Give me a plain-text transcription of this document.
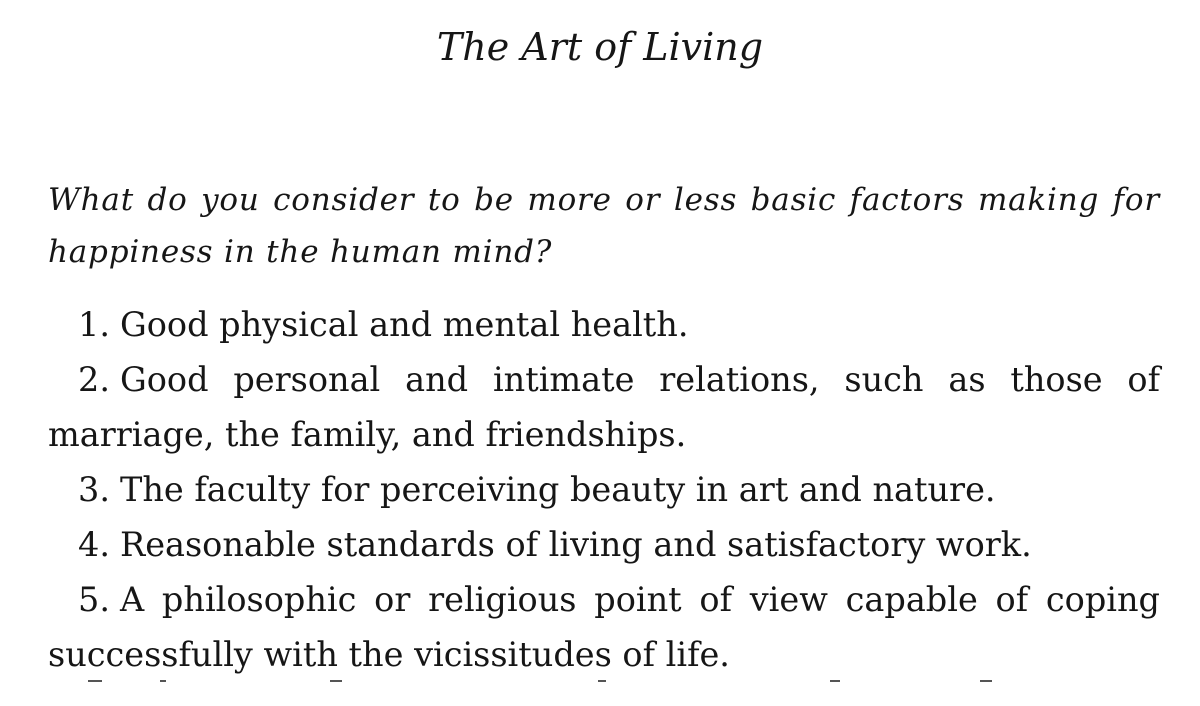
The Art of Living

What do you consider to be more or less basic factors making for happiness in the human mind?

1. Good physical and mental health.
2. Good personal and intimate relations, such as those of marriage, the family, and friendships.
3. The faculty for perceiving beauty in art and nature.
4. Reasonable standards of living and satisfactory work.
5. A philosophic or religious point of view capable of coping successfully with the vicissitudes of life.
